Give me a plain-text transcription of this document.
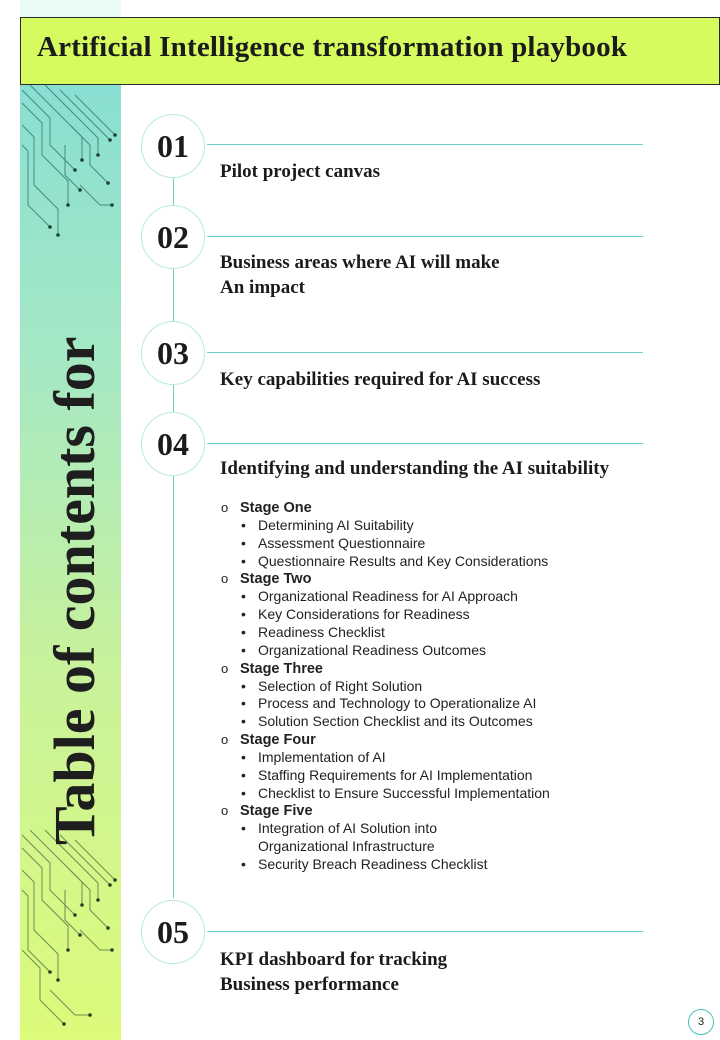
Table of contents for
Artificial Intelligence transformation playbook
01
Pilot project canvas
02
Business areas where AI will make
An impact
03
Key capabilities required for AI success
04
Identifying and understanding the AI suitability
o Stage One
• Determining AI Suitability
• Assessment Questionnaire
• Questionnaire Results and Key Considerations
o Stage Two
• Organizational Readiness for AI Approach
• Key Considerations for Readiness
• Readiness Checklist
• Organizational Readiness Outcomes
o Stage Three
• Selection of Right Solution
• Process and Technology to Operationalize AI
• Solution Section Checklist and its Outcomes
o Stage Four
• Implementation of AI
• Staffing Requirements for AI Implementation
• Checklist to Ensure Successful Implementation
o Stage Five
• Integration of AI Solution into
Organizational Infrastructure
• Security Breach Readiness Checklist
05
KPI dashboard for tracking
Business performance
3
